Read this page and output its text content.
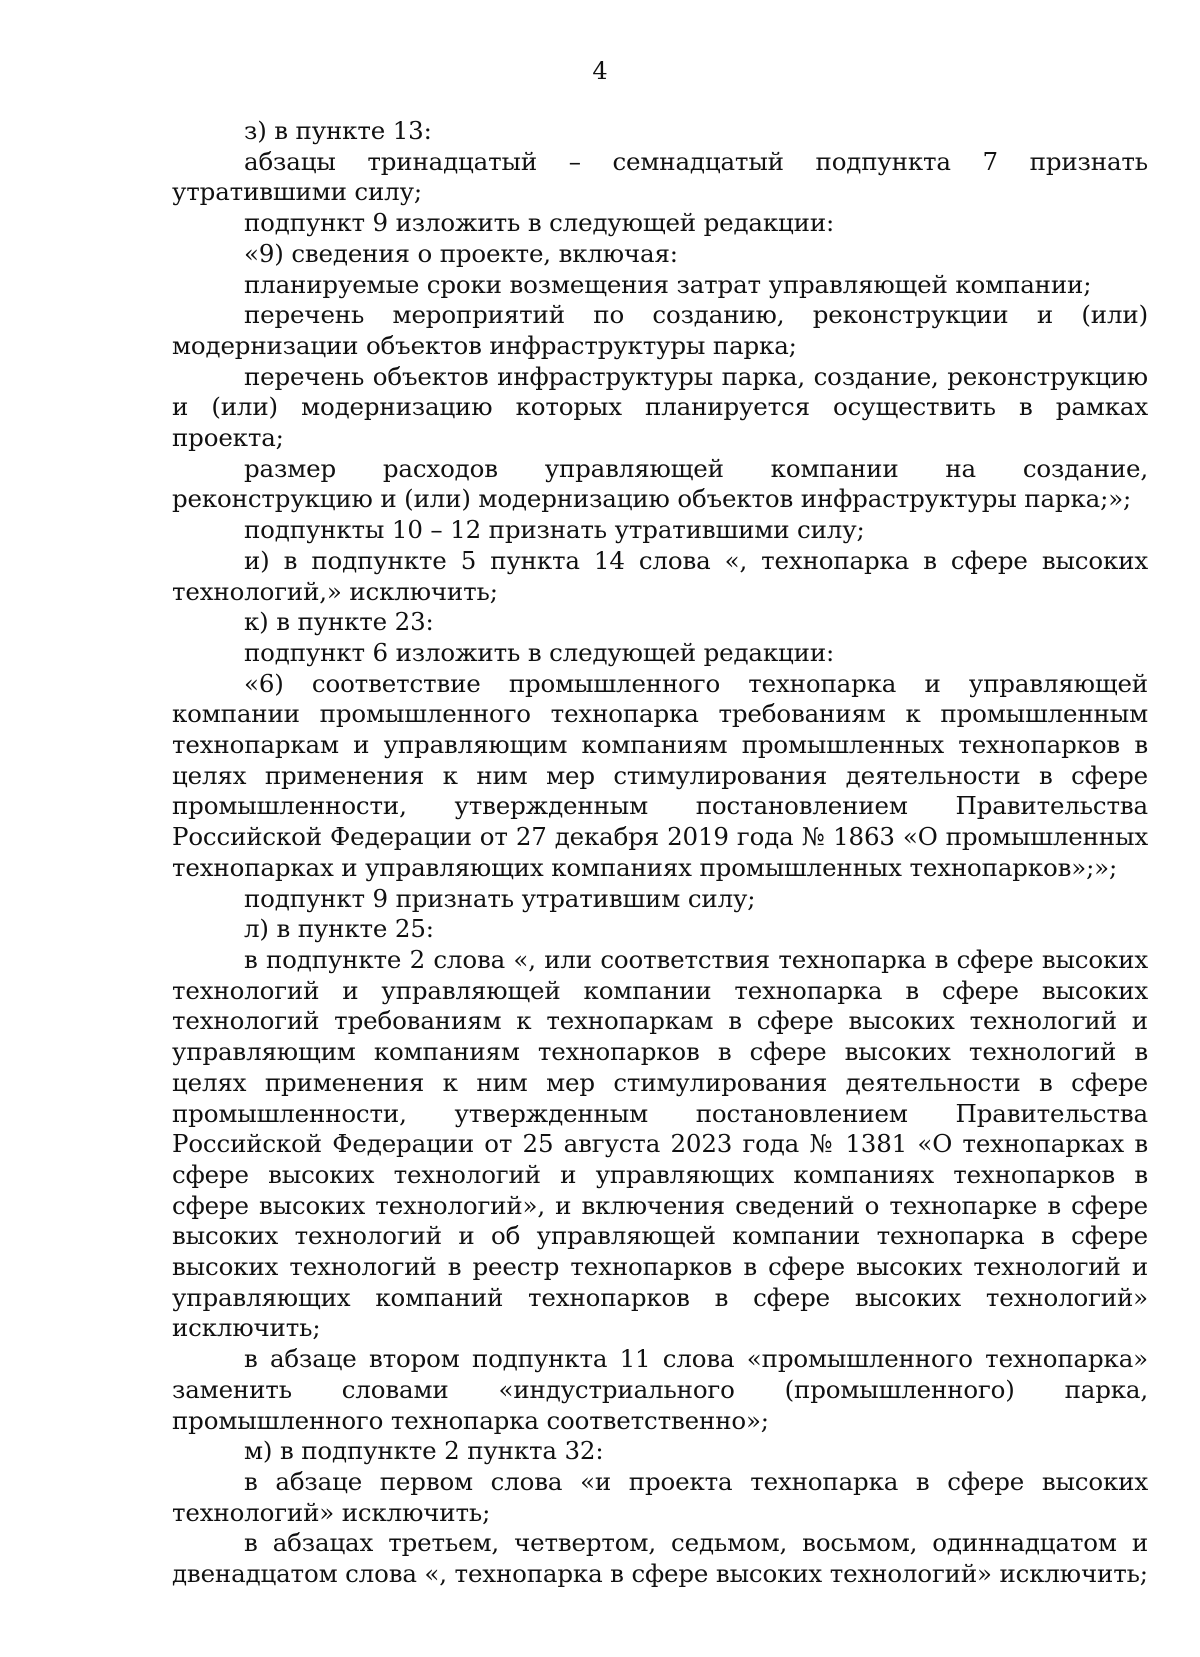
4

з) в пункте 13:

абзацы тринадцатый – семнадцатый подпункта 7 признать утратившими силу;

подпункт 9 изложить в следующей редакции:

«9) сведения о проекте, включая:

планируемые сроки возмещения затрат управляющей компании;

перечень мероприятий по созданию, реконструкции и (или) модернизации объектов инфраструктуры парка;

перечень объектов инфраструктуры парка, создание, реконструкцию и (или) модернизацию которых планируется осуществить в рамках проекта;

размер расходов управляющей компании на создание, реконструкцию и (или) модернизацию объектов инфраструктуры парка;»;

подпункты 10 – 12 признать утратившими силу;

и) в подпункте 5 пункта 14 слова «, технопарка в сфере высоких технологий,» исключить;

к) в пункте 23:

подпункт 6 изложить в следующей редакции:

«6) соответствие промышленного технопарка и управляющей компании промышленного технопарка требованиям к промышленным технопаркам и управляющим компаниям промышленных технопарков в целях применения к ним мер стимулирования деятельности в сфере промышленности, утвержденным постановлением Правительства Российской Федерации от 27 декабря 2019 года № 1863 «О промышленных технопарках и управляющих компаниях промышленных технопарков»;»;

подпункт 9 признать утратившим силу;

л) в пункте 25:

в подпункте 2 слова «, или соответствия технопарка в сфере высоких технологий и управляющей компании технопарка в сфере высоких технологий требованиям к технопаркам в сфере высоких технологий и управляющим компаниям технопарков в сфере высоких технологий в целях применения к ним мер стимулирования деятельности в сфере промышленности, утвержденным постановлением Правительства Российской Федерации от 25 августа 2023 года № 1381 «О технопарках в сфере высоких технологий и управляющих компаниях технопарков в сфере высоких технологий», и включения сведений о технопарке в сфере высоких технологий и об управляющей компании технопарка в сфере высоких технологий в реестр технопарков в сфере высоких технологий и управляющих компаний технопарков в сфере высоких технологий» исключить;

в абзаце втором подпункта 11 слова «промышленного технопарка» заменить словами «индустриального (промышленного) парка, промышленного технопарка соответственно»;

м) в подпункте 2 пункта 32:

в абзаце первом слова «и проекта технопарка в сфере высоких технологий» исключить;

в абзацах третьем, четвертом, седьмом, восьмом, одиннадцатом и двенадцатом слова «, технопарка в сфере высоких технологий» исключить;
